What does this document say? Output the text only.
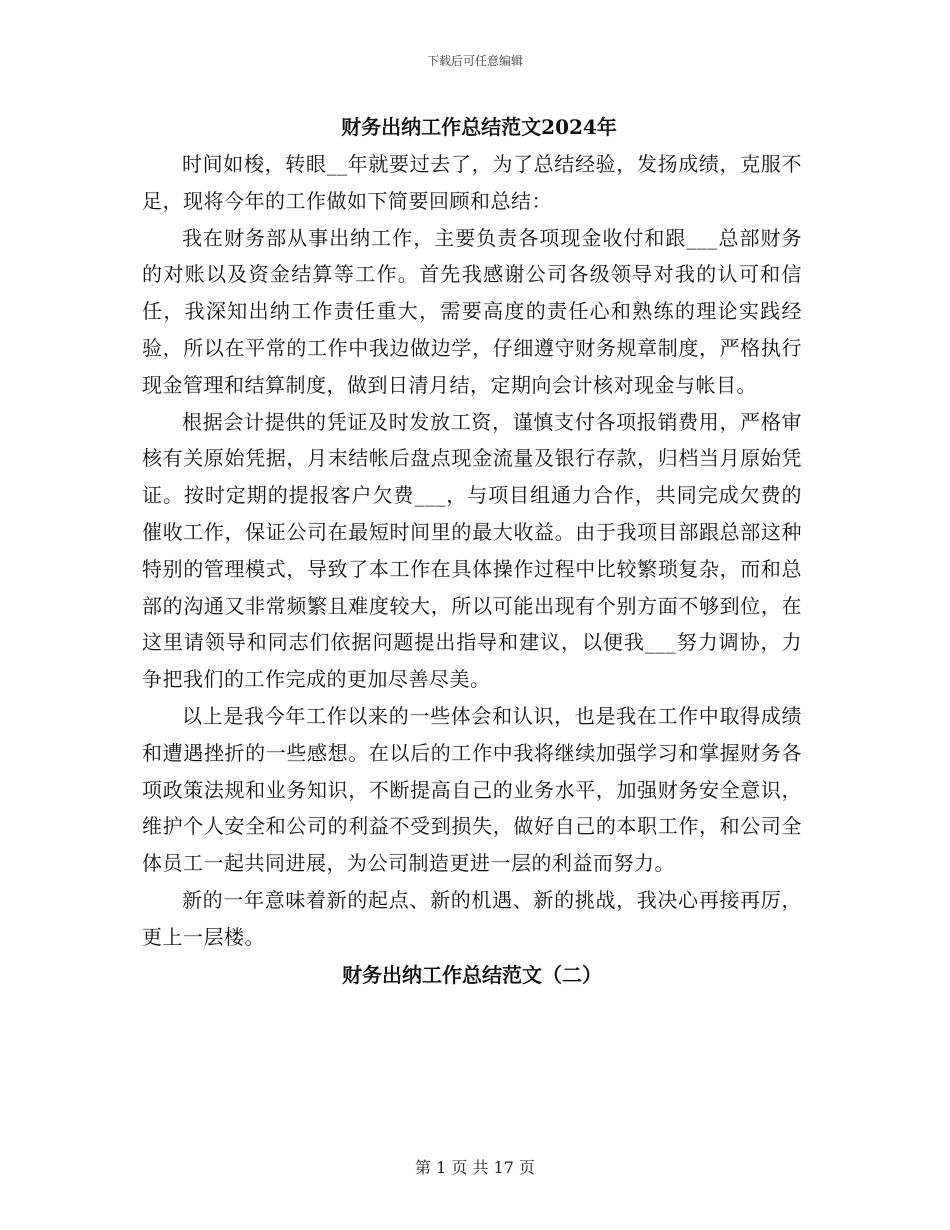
下载后可任意编辑
财务出纳工作总结范文2024年

时间如梭，转眼__年就要过去了，为了总结经验，发扬成绩，克服不足，现将今年的工作做如下简要回顾和总结：

我在财务部从事出纳工作，主要负责各项现金收付和跟___总部财务的对账以及资金结算等工作。首先我感谢公司各级领导对我的认可和信任，我深知出纳工作责任重大，需要高度的责任心和熟练的理论实践经验，所以在平常的工作中我边做边学，仔细遵守财务规章制度，严格执行现金管理和结算制度，做到日清月结，定期向会计核对现金与帐目。

根据会计提供的凭证及时发放工资，谨慎支付各项报销费用，严格审核有关原始凭据，月末结帐后盘点现金流量及银行存款，归档当月原始凭证。按时定期的提报客户欠费___，与项目组通力合作，共同完成欠费的催收工作，保证公司在最短时间里的最大收益。由于我项目部跟总部这种特别的管理模式，导致了本工作在具体操作过程中比较繁琐复杂，而和总部的沟通又非常频繁且难度较大，所以可能出现有个别方面不够到位，在这里请领导和同志们依据问题提出指导和建议，以便我___努力调协，力争把我们的工作完成的更加尽善尽美。

以上是我今年工作以来的一些体会和认识，也是我在工作中取得成绩和遭遇挫折的一些感想。在以后的工作中我将继续加强学习和掌握财务各项政策法规和业务知识，不断提高自己的业务水平，加强财务安全意识，维护个人安全和公司的利益不受到损失，做好自己的本职工作，和公司全体员工一起共同进展，为公司制造更进一层的利益而努力。

新的一年意味着新的起点、新的机遇、新的挑战，我决心再接再厉，更上一层楼。

财务出纳工作总结范文（二）
第 1 页 共 17 页
